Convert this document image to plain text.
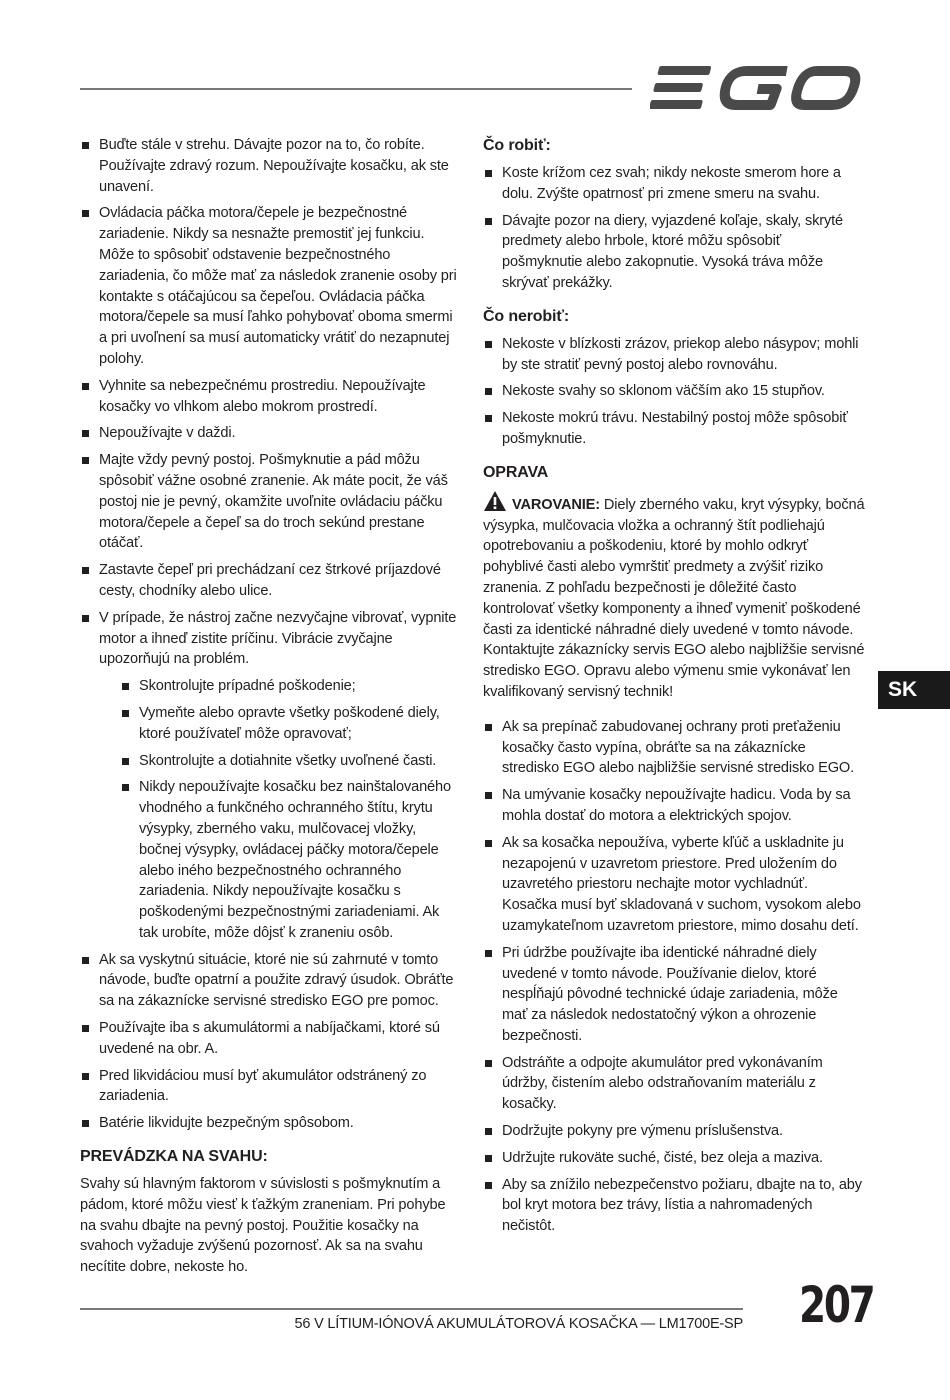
Buďte stále v strehu. Dávajte pozor na to, čo robíte. Používajte zdravý rozum. Nepoužívajte kosačku, ak ste unavení.
Ovládacia páčka motora/čepele je bezpečnostné zariadenie. Nikdy sa nesnažte premostiť jej funkciu. Môže to spôsobiť odstavenie bezpečnostného zariadenia, čo môže mať za následok zranenie osoby pri kontakte s otáčajúcou sa čepeľou. Ovládacia páčka motora/čepele sa musí ľahko pohybovať oboma smermi a pri uvoľnení sa musí automaticky vrátiť do nezapnutej polohy.
Vyhnite sa nebezpečnému prostrediu. Nepoužívajte kosačky vo vlhkom alebo mokrom prostredí.
Nepoužívajte v daždi.
Majte vždy pevný postoj. Pošmyknutie a pád môžu spôsobiť vážne osobné zranenie. Ak máte pocit, že váš postoj nie je pevný, okamžite uvoľnite ovládaciu páčku motora/čepele a čepeľ sa do troch sekúnd prestane otáčať.
Zastavte čepeľ pri prechádzaní cez štrkové príjazdové cesty, chodníky alebo ulice.
V prípade, že nástroj začne nezvyčajne vibrovať, vypnite motor a ihneď zistite príčinu. Vibrácie zvyčajne upozorňujú na problém.
Skontrolujte prípadné poškodenie;
Vymeňte alebo opravte všetky poškodené diely, ktoré používateľ môže opravovať;
Skontrolujte a dotiahnite všetky uvoľnené časti.
Nikdy nepoužívajte kosačku bez nainštalovaného vhodného a funkčného ochranného štítu, krytu výsypky, zberného vaku, mulčovacej vložky, bočnej výsypky, ovládacej páčky motora/čepele alebo iného bezpečnostného ochranného zariadenia. Nikdy nepoužívajte kosačku s poškodenými bezpečnostnými zariadeniami. Ak tak urobíte, môže dôjsť k zraneniu osôb.
Ak sa vyskytnú situácie, ktoré nie sú zahrnuté v tomto návode, buďte opatrní a použite zdravý úsudok. Obráťte sa na zákaznícke servisné stredisko EGO pre pomoc.
Používajte iba s akumulátormi a nabíjačkami, ktoré sú uvedené na obr. A.
Pred likvidáciou musí byť akumulátor odstránený zo zariadenia.
Batérie likvidujte bezpečným spôsobom.
PREVÁDZKA NA SVAHU:

Svahy sú hlavným faktorom v súvislosti s pošmyknutím a pádom, ktoré môžu viesť k ťažkým zraneniam. Pri pohybe na svahu dbajte na pevný postoj. Použitie kosačky na svahoch vyžaduje zvýšenú pozornosť. Ak sa na svahu necítite dobre, nekoste ho.

Čo robiť:
Koste krížom cez svah; nikdy nekoste smerom hore a dolu. Zvýšte opatrnosť pri zmene smeru na svahu.
Dávajte pozor na diery, vyjazdené koľaje, skaly, skryté predmety alebo hrbole, ktoré môžu spôsobiť pošmyknutie alebo zakopnutie. Vysoká tráva môže skrývať prekážky.
Čo nerobiť:
Nekoste v blízkosti zrázov, priekop alebo násypov; mohli by ste stratiť pevný postoj alebo rovnováhu.
Nekoste svahy so sklonom väčším ako 15 stupňov.
Nekoste mokrú trávu. Nestabilný postoj môže spôsobiť pošmyknutie.
OPRAVA

VAROVANIE: Diely zberného vaku, kryt výsypky, bočná výsypka, mulčovacia vložka a ochranný štít podliehajú opotrebovaniu a poškodeniu, ktoré by mohlo odkryť pohyblivé časti alebo vymrštiť predmety a zvýšiť riziko zranenia. Z pohľadu bezpečnosti je dôležité často kontrolovať všetky komponenty a ihneď vymeniť poškodené časti za identické náhradné diely uvedené v tomto návode. Kontaktujte zákaznícky servis EGO alebo najbližšie servisné stredisko EGO. Opravu alebo výmenu smie vykonávať len kvalifikovaný servisný technik!

Ak sa prepínač zabudovanej ochrany proti preťaženiu kosačky často vypína, obráťte sa na zákaznícke stredisko EGO alebo najbližšie servisné stredisko EGO.
Na umývanie kosačky nepoužívajte hadicu. Voda by sa mohla dostať do motora a elektrických spojov.
Ak sa kosačka nepoužíva, vyberte kľúč a uskladnite ju nezapojenú v uzavretom priestore. Pred uložením do uzavretého priestoru nechajte motor vychladnúť. Kosačka musí byť skladovaná v suchom, vysokom alebo uzamykateľnom uzavretom priestore, mimo dosahu detí.
Pri údržbe používajte iba identické náhradné diely uvedené v tomto návode. Používanie dielov, ktoré nespĺňajú pôvodné technické údaje zariadenia, môže mať za následok nedostatočný výkon a ohrozenie bezpečnosti.
Odstráňte a odpojte akumulátor pred vykonávaním údržby, čistením alebo odstraňovaním materiálu z kosačky.
Dodržujte pokyny pre výmenu príslušenstva.
Udržujte rukoväte suché, čisté, bez oleja a maziva.
Aby sa znížilo nebezpečenstvo požiaru, dbajte na to, aby bol kryt motora bez trávy, lístia a nahromadených nečistôt.
SK
56 V LÍTIUM-IÓNOVÁ AKUMULÁTOROVÁ KOSAČKA — LM1700E-SP 207
